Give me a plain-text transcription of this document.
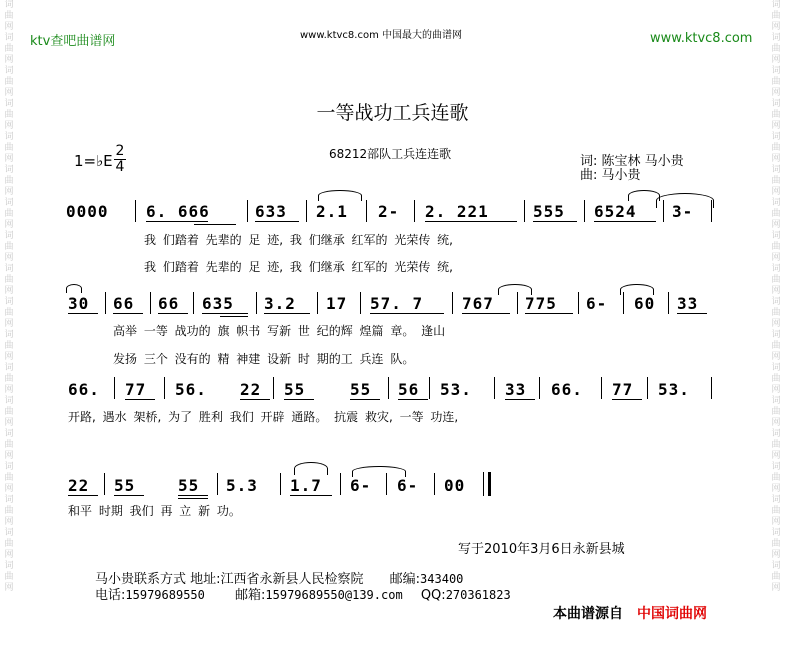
词曲网词曲网词曲网词曲网词曲网词曲网词曲网词曲网词曲网词曲网词曲网词曲网词曲网词曲网词曲网词曲网词曲网词曲网
词曲网词曲网词曲网词曲网词曲网词曲网词曲网词曲网词曲网词曲网词曲网词曲网词曲网词曲网词曲网词曲网词曲网词曲网
ktv查吧曲谱网	www.ktvc8.com 中国最大的曲谱网	www.ktvc8.com
一等战功工兵连歌
1=♭E
2
4
68212部队工兵连连歌	词: 陈宝林 马小贵
曲: 马小贵
0000 6. 666	633 2.1 2- 2. 221	555 6524 3-
我 们踏着 先辈的 足 迹, 我 们继承 红军的 光荣传 统,
我 们踏着 先辈的 足 迹, 我 们继承 红军的 光荣传 统,
30 66 66 635 3.2 17 57. 7 767 775 6- 60 33
高举 一等 战功的 旗 帜书 写新 世 纪的辉 煌篇 章。 逢山
发扬 三个 没有的 精 神建 设新 时 期的工 兵连 队。
66. 77 56. 22 55	55 56 53. 33 66. 77 53.
开路, 遇水 架桥, 为了 胜利 我们 开辟 通路。 抗震 救灾, 一等 功连,
22 55	55 5.3 1.7 6- 6- 00
和平 时期 我们 再 立 新 功。
写于2010年3月6日永新县城
马小贵联系方式 地址:江西省永新县人民检察院 邮编:343400
电话:15979689550 邮箱:15979689550@139.com QQ:270361823
本曲谱源自 中国词曲网
